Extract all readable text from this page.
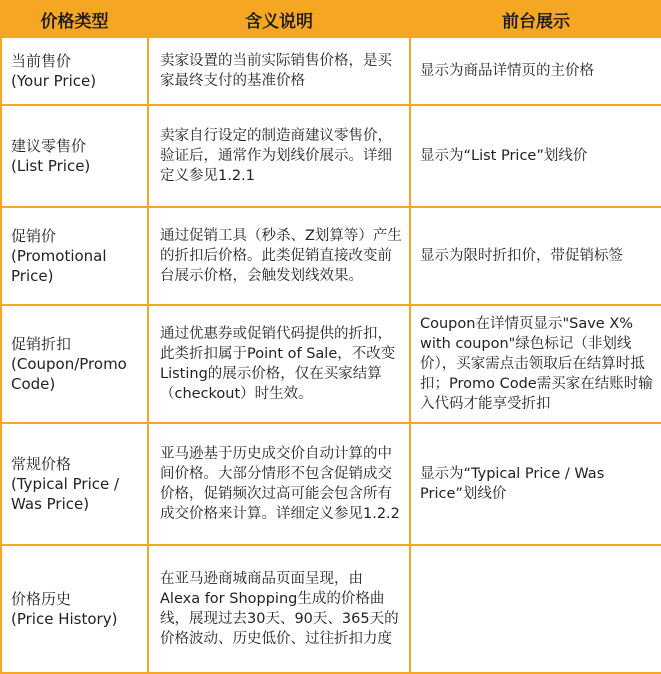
价格类型	含义说明	前台展示
当前售价
(Your Price)	卖家设置的当前实际销售价格，是买家最终支付的基准价格	显示为商品详情页的主价格
建议零售价
(List Price)	卖家自行设定的制造商建议零售价，验证后，通常作为划线价展示。详细定义参见1.2.1	显示为“List Price”划线价
促销价
(Promotional
Price)	通过促销工具（秒杀、Z划算等）产生的折扣后价格。此类促销直接改变前台展示价格，会触发划线效果。	显示为限时折扣价，带促销标签
促销折扣
(Coupon/Promo
Code)	通过优惠券或促销代码提供的折扣，此类折扣属于Point of Sale，不改变Listing的展示价格，仅在买家结算（checkout）时生效。	Coupon在详情页显示"Save X% with coupon"绿色标记（非划线价），买家需点击领取后在结算时抵扣；Promo Code需买家在结账时输入代码才能享受折扣
常规价格
(Typical Price /
Was Price)	亚马逊基于历史成交价自动计算的中间价格。大部分情形不包含促销成交价格，促销频次过高可能会包含所有成交价格来计算。详细定义参见1.2.2	显示为“Typical Price / Was Price”划线价
价格历史
(Price History)	在亚马逊商城商品页面呈现，由Alexa for Shopping生成的价格曲线，展现过去30天、90天、365天的价格波动、历史低价、过往折扣力度	
